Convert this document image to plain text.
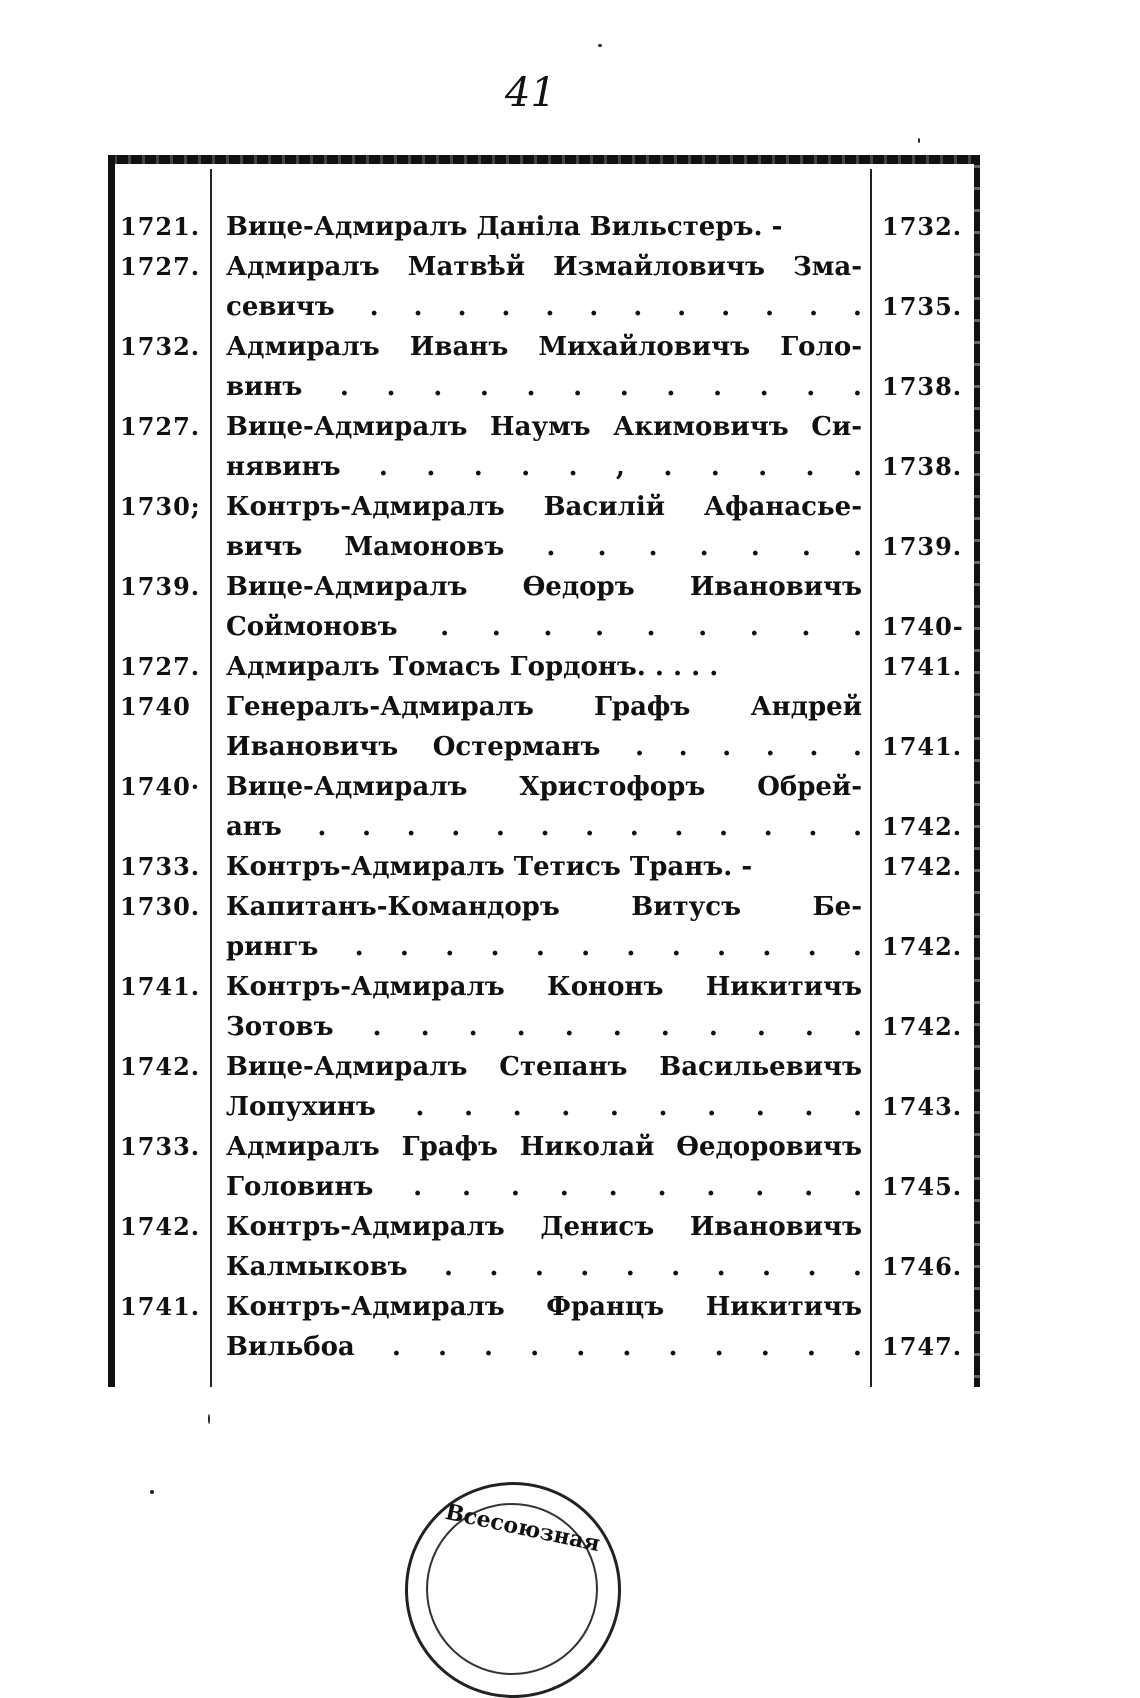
41
1721. Вице-Адмиралъ Даніла Вильстеръ. -	1732.
1727. Адмиралъ Матвѣй Измайловичъ Зма-
севичъ . . . . . . . . . . . . 1735.
1732. Адмиралъ Иванъ Михайловичъ Голо-
винъ . . . . . . . . . . . . 1738.
1727. Вице-Адмиралъ Наумъ Акимовичъ Си-
нявинъ . . . . . , . . . . . 1738.
1730; Контръ-Адмиралъ Василій Афанасье-
вичъ Мамоновъ . . . . . . . 1739.
1739. Вице-Адмиралъ Ѳедоръ Ивановичъ
Соймоновъ . . . . . . . . . 1740-
1727. Адмиралъ Томасъ Гордонъ. . . . .	1741.
1740	Генералъ-Адмиралъ Графъ Андрей
Ивановичъ Остерманъ . . . . . . 1741.
1740· Вице-Адмиралъ Христофоръ Обрей-
анъ . . . . . . . . . . . . . 1742.
1733. Контръ-Адмиралъ Тетисъ Транъ. -	1742.
1730. Капитанъ-Командоръ Витусъ Бе-
рингъ . . . . . . . . . . . . 1742.
1741. Контръ-Адмиралъ Кононъ Никитичъ
Зотовъ . . . . . . . . . . . 1742.
1742. Вице-Адмиралъ Степанъ Васильевичъ
Лопухинъ . . . . . . . . . . 1743.
1733. Адмиралъ Графъ Николай Ѳедоровичъ
Головинъ . . . . . . . . . . 1745.
1742. Контръ-Адмиралъ Денисъ Ивановичъ
Калмыковъ . . . . . . . . . . 1746.
1741. Контръ-Адмиралъ Францъ Никитичъ
Вильбоа . . . . . . . . . . . 1747.
Всесоюзная
